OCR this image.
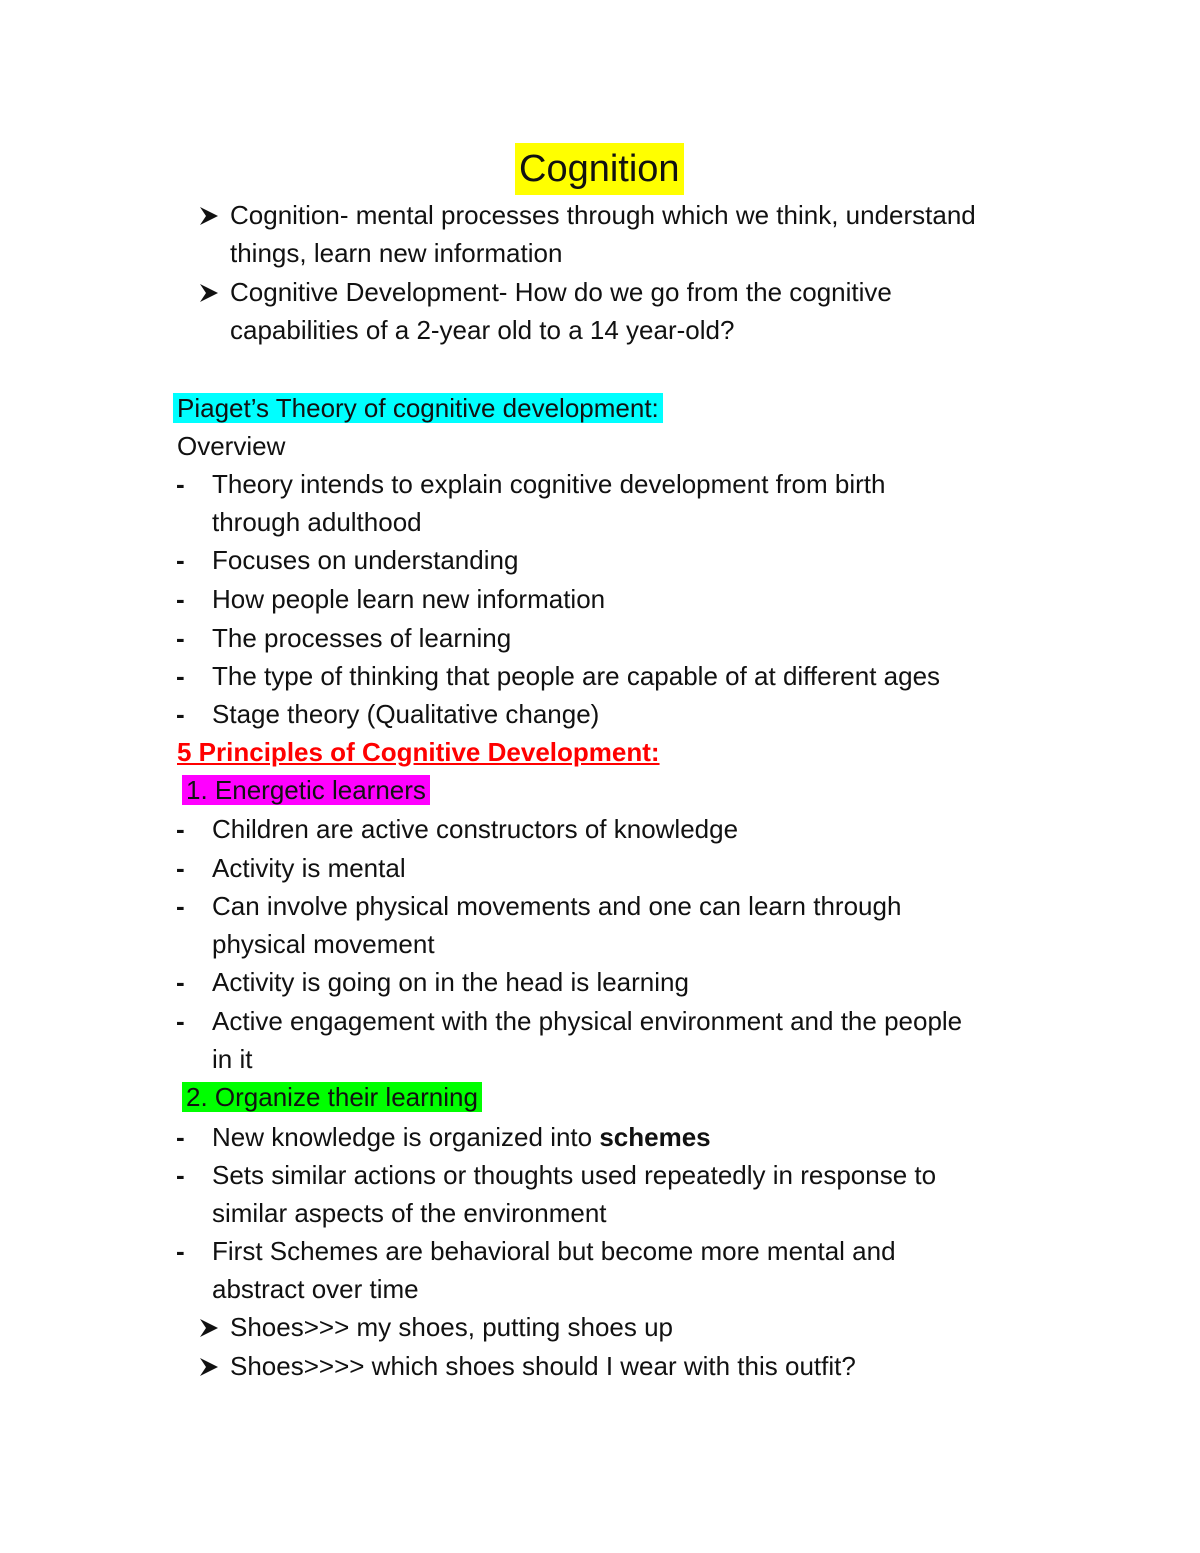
Cognition
Cognition- mental processes through which we think, understand
things, learn new information
Cognitive Development- How do we go from the cognitive
capabilities of a 2-year old to a 14 year-old?
Piaget’s Theory of cognitive development:
Overview
- Theory intends to explain cognitive development from birth
through adulthood
- Focuses on understanding
- How people learn new information
- The processes of learning
- The type of thinking that people are capable of at different ages
- Stage theory (Qualitative change)
5 Principles of Cognitive Development:
1. Energetic learners
- Children are active constructors of knowledge
- Activity is mental
- Can involve physical movements and one can learn through
physical movement
- Activity is going on in the head is learning
- Active engagement with the physical environment and the people
in it
2. Organize their learning
- New knowledge is organized into schemes
- Sets similar actions or thoughts used repeatedly in response to
similar aspects of the environment
- First Schemes are behavioral but become more mental and
abstract over time
Shoes>>> my shoes, putting shoes up
Shoes>>>> which shoes should I wear with this outfit?
